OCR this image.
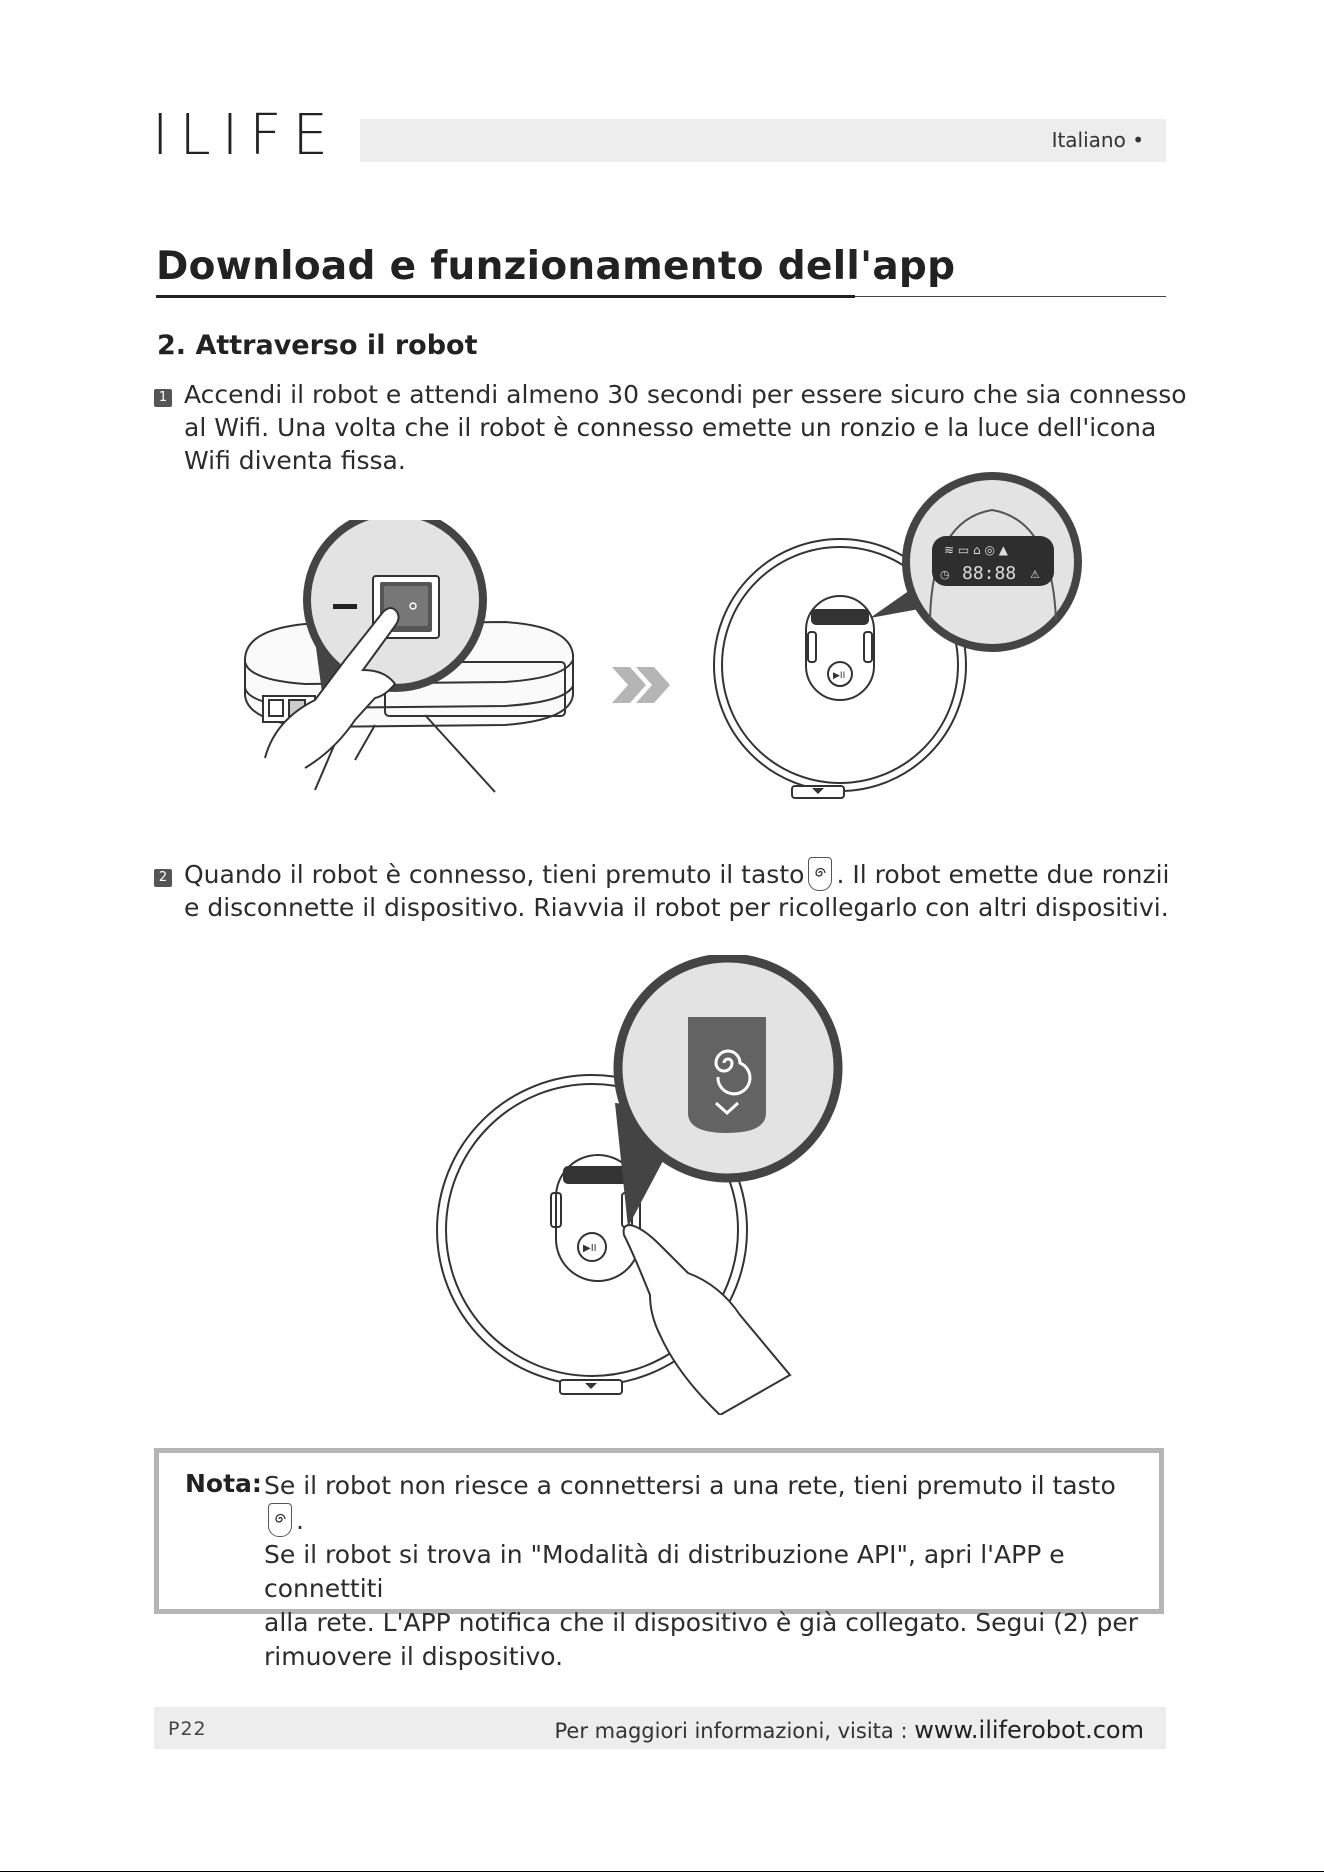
ILIFE	Italiano •
Download e funzionamento dell'app
2. Attraverso il robot
1 Accendi il robot e attendi almeno 30 secondi per essere sicuro che sia connesso
al Wifi. Una volta che il robot è connesso emette un ronzio e la luce dell'icona
Wifi diventa fissa.
▶II
≋ ▭ ⌂ ◎ ▲
88:88
◷	⚠
2 Quando il robot è connesso, tieni premuto il tasto . Il robot emette due ronzii
e disconnette il dispositivo. Riavvia il robot per ricollegarlo con altri dispositivi.
▶II
Nota: Se il robot non riesce a connettersi a una rete, tieni premuto il tasto
.
Se il robot si trova in "Modalità di distribuzione API", apri l'APP e connettiti
alla rete. L'APP notifica che il dispositivo è già collegato. Segui (2) per
rimuovere il dispositivo.
P22	Per maggiori informazioni, visita : www.iliferobot.com
